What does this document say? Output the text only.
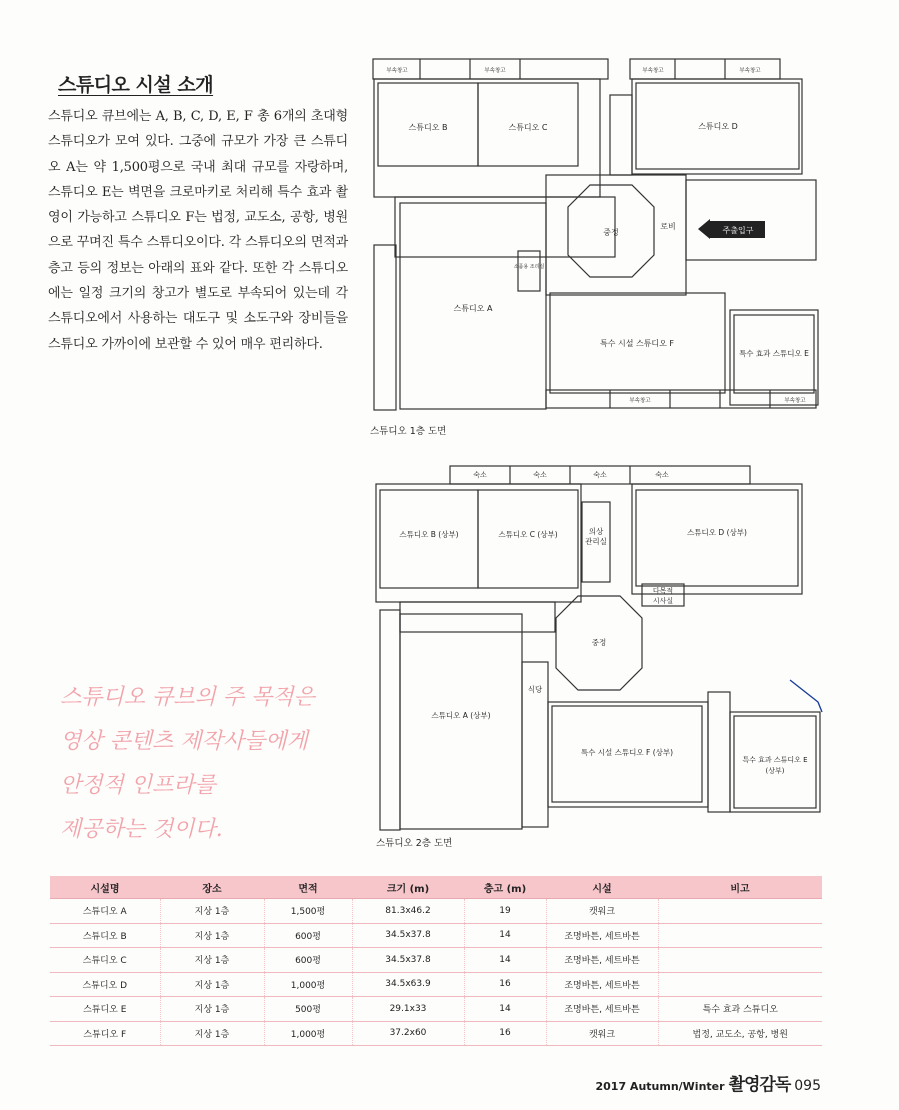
스튜디오 시설 소개
스튜디오 큐브에는 A, B, C, D, E, F 총 6개의 초대형 스튜디오가 모여 있다. 그중에 규모가 가장 큰 스튜디오 A는 약 1,500평으로 국내 최대 규모를 자랑하며, 스튜디오 E는 벽면을 크로마키로 처리해 특수 효과 촬영이 가능하고 스튜디오 F는 법정, 교도소, 공항, 병원으로 꾸며진 특수 스튜디오이다. 각 스튜디오의 면적과 층고 등의 정보는 아래의 표와 같다. 또한 각 스튜디오에는 일정 크기의 창고가 별도로 부속되어 있는데 각 스튜디오에서 사용하는 대도구 및 소도구와 장비들을 스튜디오 가까이에 보관할 수 있어 매우 편리하다.
스튜디오 큐브의 주 목적은
영상 콘텐츠 제작사들에게
안정적 인프라를
제공하는 것이다.
주출입구
스튜디오 B	스튜디오 C	스튜디오 D
스튜디오 A
중정
로비
특수 시설 스튜디오 F
특수 효과 스튜디오 E
소품용 조리실
부속창고	부속창고	부속창고	부속창고
부속창고	부속창고
스튜디오 1층 도면
숙소	숙소	숙소	숙소
스튜디오 B (상부)	스튜디오 C (상부)	스튜디오 D (상부)
의상
관리실
다목적
시사실
중정
스튜디오 A (상부)
식당
특수 시설 스튜디오 F (상부)
특수 효과 스튜디오 E
(상부)
스튜디오 2층 도면
시설명	장소	면적	크기 (m)	층고 (m)	시설	비고
스튜디오 A	지상 1층	1,500평	81.3x46.2	19	캣워크	
스튜디오 B	지상 1층	600평	34.5x37.8	14	조명바튼, 세트바튼	
스튜디오 C	지상 1층	600평	34.5x37.8	14	조명바튼, 세트바튼	
스튜디오 D	지상 1층	1,000평	34.5x63.9	16	조명바튼, 세트바튼	
스튜디오 E	지상 1층	500평	29.1x33	14	조명바튼, 세트바튼	특수 효과 스튜디오
스튜디오 F	지상 1층	1,000평	37.2x60	16	캣워크	법정, 교도소, 공항, 병원
2017 Autumn/Winter 촬영감독 095
